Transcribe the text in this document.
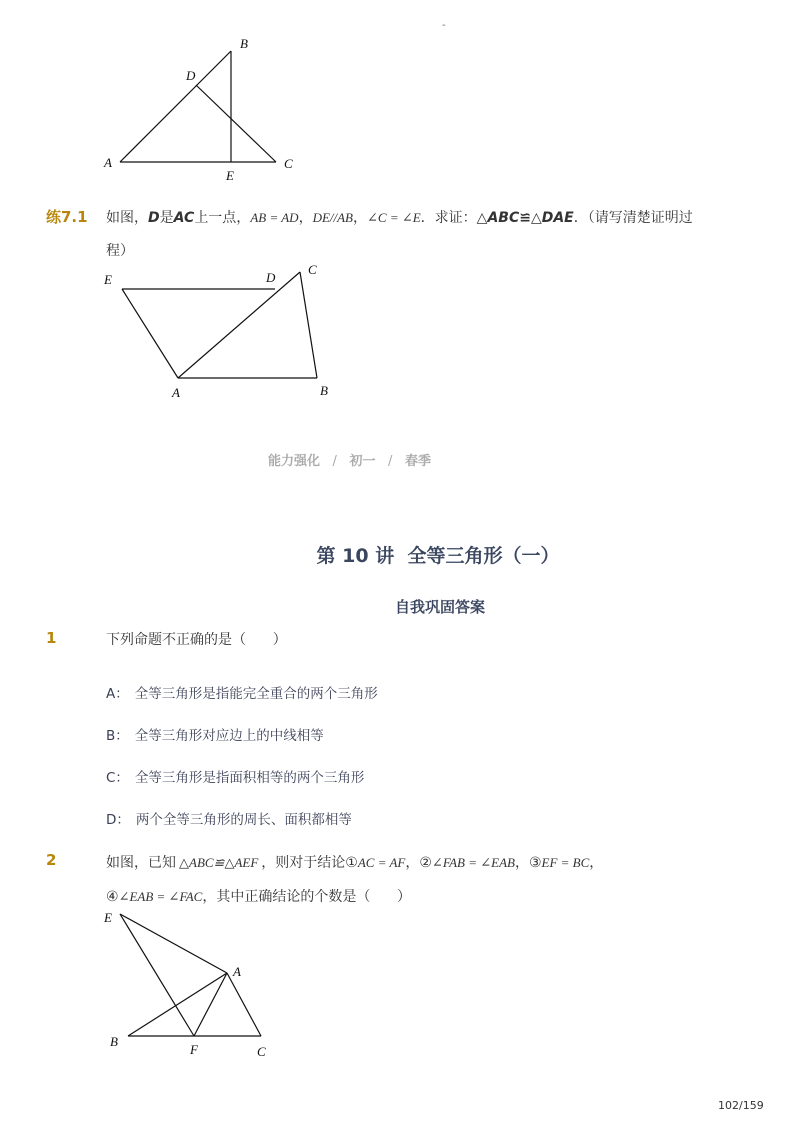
-
B
D
A	C
E
练7.1 如图，D是AC上一点，AB = AD，DE//AB，∠C = ∠E．求证：△ABC≌△DAE．（请写清楚证明过
程）
E	D
C
A	B
能力强化 / 初一 / 春季
第 10 讲  全等三角形（一）
自我巩固答案
1	下列命题不正确的是（      ）
A： 全等三角形是指能完全重合的两个三角形
B： 全等三角形对应边上的中线相等
C： 全等三角形是指面积相等的两个三角形
D： 两个全等三角形的周长、面积都相等
2	如图，已知 △ABC≌△AEF ，则对于结论①AC = AF，②∠FAB = ∠EAB，③EF = BC，
④∠EAB = ∠FAC，其中正确结论的个数是（      ）
E
A
B
F	C
102/159
